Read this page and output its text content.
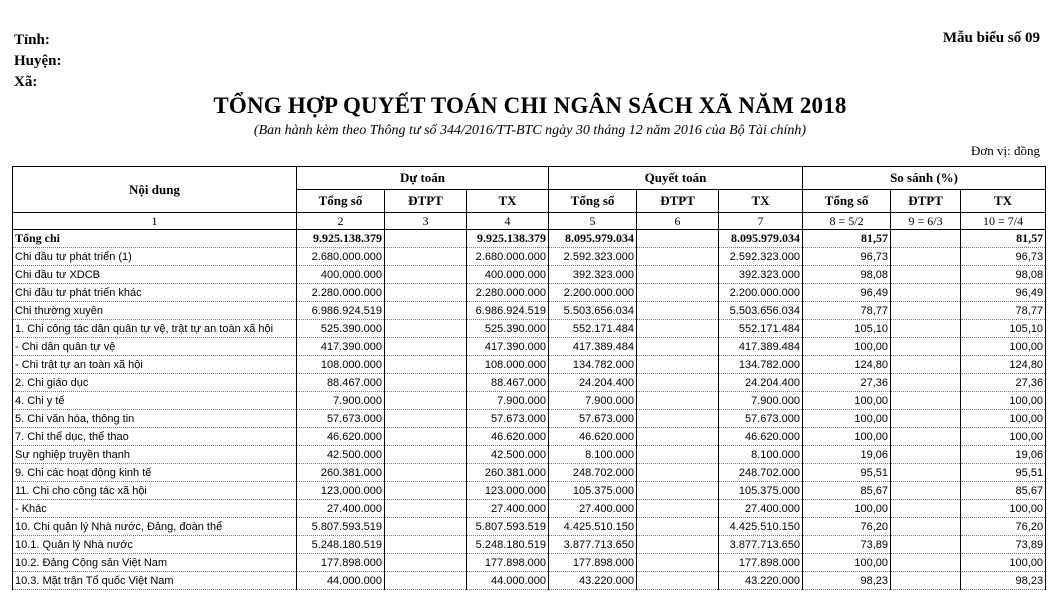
Tỉnh:
Huyện:
Xã:
Mẫu biểu số 09
TỔNG HỢP QUYẾT TOÁN CHI NGÂN SÁCH XÃ NĂM 2018
(Ban hành kèm theo Thông tư số 344/2016/TT-BTC ngày 30 tháng 12 năm 2016 của Bộ Tài chính)
Đơn vị: đồng
Nội dung	Dự toán			Quyết toán			So sánh (%)		
	Tổng số	ĐTPT	TX	Tổng số	ĐTPT	TX	Tổng số	ĐTPT	TX
1	2	3	4	5	6	7	8 = 5/2	9 = 6/3	10 = 7/4
Tổng chi	9.925.138.379		9.925.138.379	8.095.979.034		8.095.979.034	81,57		81,57
Chi đầu tư phát triển (1)	2.680.000.000		2.680.000.000	2.592.323.000		2.592.323.000	96,73		96,73
Chi đầu tư XDCB	400.000.000		400.000.000	392.323.000		392.323.000	98,08		98,08
Chi đầu tư phát triển khác	2.280.000.000		2.280.000.000	2.200.000.000		2.200.000.000	96,49		96,49
Chi thường xuyên	6.986.924.519		6.986.924.519	5.503.656.034		5.503.656.034	78,77		78,77
1. Chi công tác dân quân tự vệ, trật tự an toàn xã hội	525.390.000		525.390.000	552.171.484		552.171.484	105,10		105,10
- Chi dân quân tự vệ	417.390.000		417.390.000	417.389.484		417.389.484	100,00		100,00
- Chi trật tự an toàn xã hội	108.000.000		108.000.000	134.782.000		134.782.000	124,80		124,80
2. Chi giáo dục	88.467.000		88.467.000	24.204.400		24.204.400	27,36		27,36
4. Chi y tế	7.900.000		7.900.000	7.900.000		7.900.000	100,00		100,00
5. Chi văn hóa, thông tin	57.673.000		57.673.000	57.673.000		57.673.000	100,00		100,00
7. Chi thể dục, thể thao	46.620.000		46.620.000	46.620.000		46.620.000	100,00		100,00
Sự nghiệp truyền thanh	42.500.000		42.500.000	8.100.000		8.100.000	19,06		19,06
9. Chi các hoạt động kinh tế	260.381.000		260.381.000	248.702.000		248.702.000	95,51		95,51
11. Chi cho công tác xã hội	123.000.000		123.000.000	105.375.000		105.375.000	85,67		85,67
- Khác	27.400.000		27.400.000	27.400.000		27.400.000	100,00		100,00
10. Chi quản lý Nhà nước, Đảng, đoàn thể	5.807.593.519		5.807.593.519	4.425.510.150		4.425.510.150	76,20		76,20
10.1. Quản lý Nhà nước	5.248.180.519		5.248.180.519	3.877.713.650		3.877.713.650	73,89		73,89
10.2. Đảng Cộng sản Việt Nam	177.898.000		177.898.000	177.898.000		177.898.000	100,00		100,00
10.3. Mặt trận Tổ quốc Việt Nam	44.000.000		44.000.000	43.220.000		43.220.000	98,23		98,23
